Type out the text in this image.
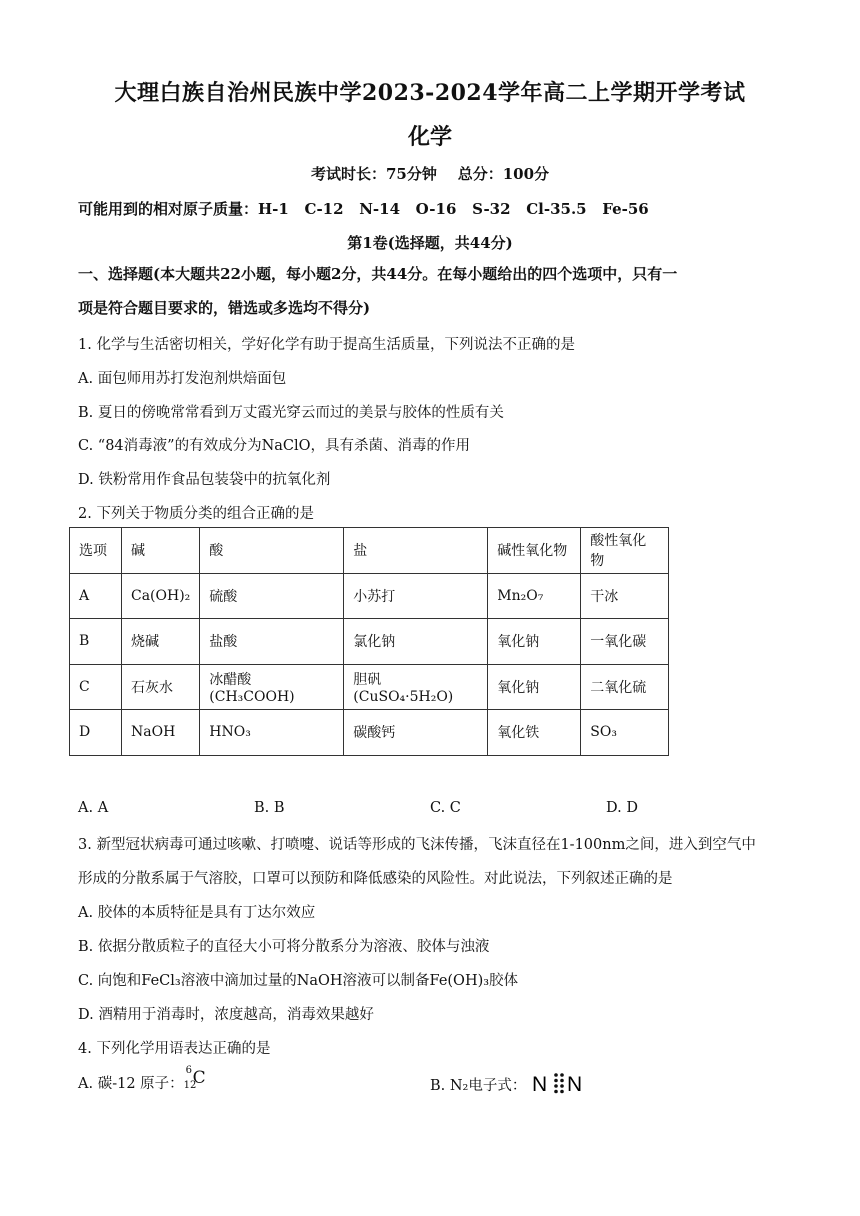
大理白族自治州民族中学2023-2024学年高二上学期开学考试
化学
考试时长：75分钟    总分：100分
可能用到的相对原子质量：H-1   C-12   N-14   O-16   S-32   Cl-35.5   Fe-56
第1卷(选择题，共44分)
一、选择题(本大题共22小题，每小题2分，共44分。在每小题给出的四个选项中，只有一
项是符合题目要求的，错选或多选均不得分)
1. 化学与生活密切相关，学好化学有助于提高生活质量，下列说法不正确的是
A. 面包师用苏打发泡剂烘焙面包
B. 夏日的傍晚常常看到万丈霞光穿云而过的美景与胶体的性质有关
C. “84消毒液”的有效成分为NaClO，具有杀菌、消毒的作用
D. 铁粉常用作食品包装袋中的抗氧化剂
2. 下列关于物质分类的组合正确的是
选项	碱	酸	盐	碱性氧化物	酸性氧化物
A	Ca(OH)₂	硫酸	小苏打	Mn₂O₇	干冰
B	烧碱	盐酸	氯化钠	氧化钠	一氧化碳
C	石灰水	冰醋酸(CH₃COOH)	胆矾(CuSO₄·5H₂O)	氧化钠	二氧化硫
D	NaOH	HNO₃	碳酸钙	氧化铁	SO₃
A. A	B. B	C. C	D. D
3. 新型冠状病毒可通过咳嗽、打喷嚏、说话等形成的飞沫传播，飞沫直径在1-100nm之间，进入到空气中
形成的分散系属于气溶胶，口罩可以预防和降低感染的风险性。对此说法，下列叙述正确的是
A. 胶体的本质特征是具有丁达尔效应
B. 依据分散质粒子的直径大小可将分散系分为溶液、胶体与浊液
C. 向饱和FeCl₃溶液中滴加过量的NaOH溶液可以制备Fe(OH)₃胶体
D. 酒精用于消毒时，浓度越高，消毒效果越好
4. 下列化学用语表达正确的是
A. 碳-12 原子：
6
12
C	B. N₂电子式： N N
